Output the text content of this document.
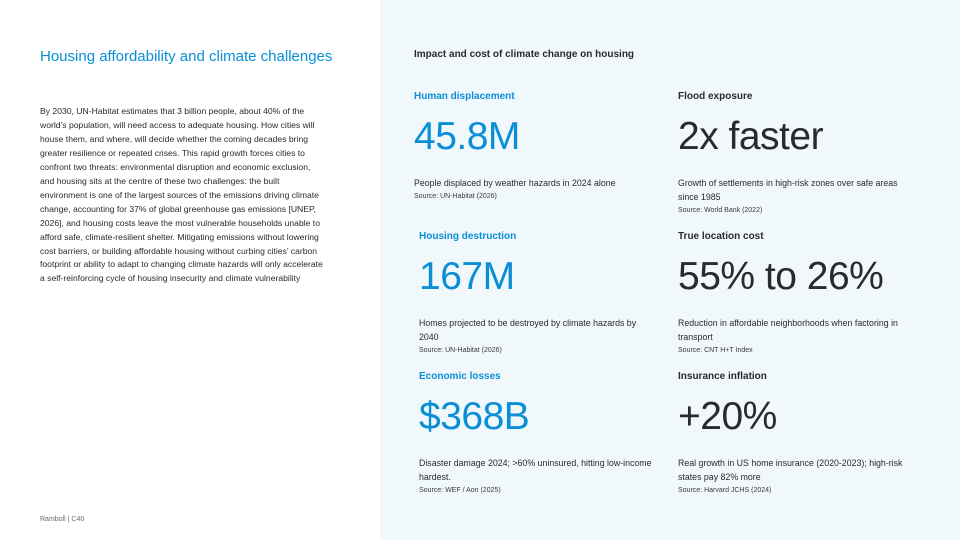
Housing affordability and climate challenges
By 2030, UN-Habitat estimates that 3 billion people, about 40% of the world’s population, will need access to adequate housing. How cities will house them, and where, will decide whether the coming decades bring greater resilience or repeated crises. This rapid growth forces cities to confront two threats: environmental disruption and economic exclusion, and housing sits at the centre of these two challenges: the built environment is one of the largest sources of the emissions driving climate change, accounting for 37% of global greenhouse gas emissions [UNEP, 2026], and housing costs leave the most vulnerable households unable to afford safe, climate-resilient shelter. Mitigating emissions without lowering cost barriers, or building affordable housing without curbing cities’ carbon footprint or ability to adapt to changing climate hazards will only accelerate a self-reinforcing cycle of housing insecurity and climate vulnerability
Ramboll | C40
Impact and cost of climate change on housing
Human displacement
45.8M
People displaced by weather hazards in 2024 alone
Source: UN-Habitat (2026)
Flood exposure
2x faster
Growth of settlements in high-risk zones over safe areas since 1985
Source: World Bank (2022)
Housing destruction
167M
Homes projected to be destroyed by climate hazards by 2040
Source: UN-Habitat (2026)
True location cost
55% to 26%
Reduction in affordable neighborhoods when factoring in transport
Source: CNT H+T Index
Economic losses
$368B
Disaster damage 2024; >60% uninsured, hitting low-income hardest.
Source: WEF / Aon (2025)
Insurance inflation
+20%
Real growth in US home insurance (2020-2023); high-risk states pay 82% more
Source: Harvard JCHS (2024)
